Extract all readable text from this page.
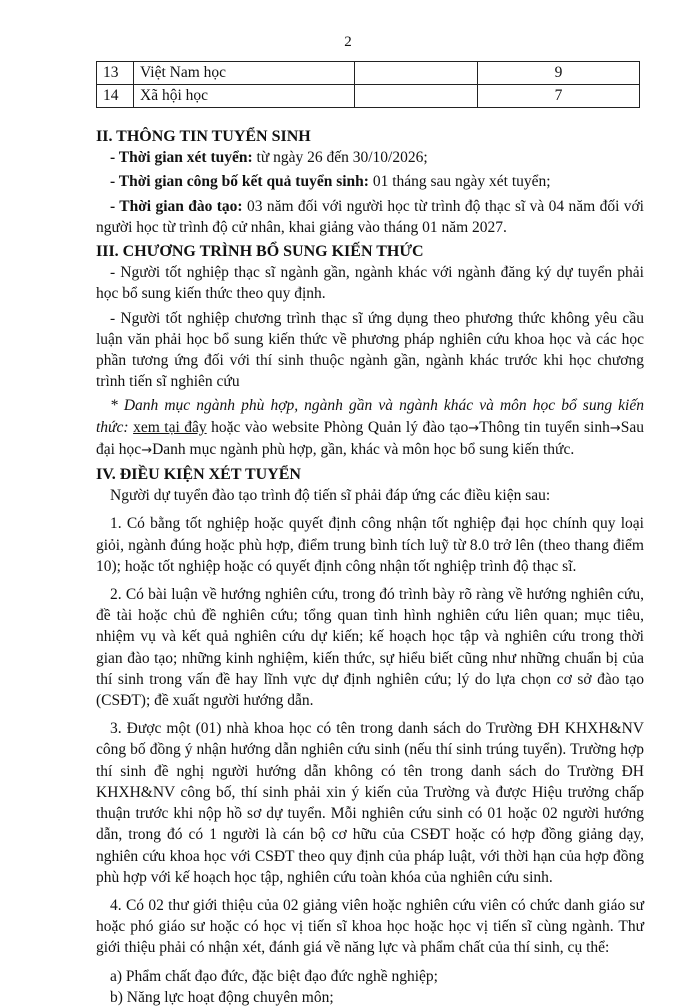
2
13	Việt Nam học		9
14	Xã hội học		7

II. THÔNG TIN TUYỂN SINH

- Thời gian xét tuyển: từ ngày 26 đến 30/10/2026;

- Thời gian công bố kết quả tuyển sinh: 01 tháng sau ngày xét tuyển;

- Thời gian đào tạo: 03 năm đối với người học từ trình độ thạc sĩ và 04 năm đối với người học từ trình độ cử nhân, khai giảng vào tháng 01 năm 2027.

III. CHƯƠNG TRÌNH BỔ SUNG KIẾN THỨC

- Người tốt nghiệp thạc sĩ ngành gần, ngành khác với ngành đăng ký dự tuyển phải học bổ sung kiến thức theo quy định.

- Người tốt nghiệp chương trình thạc sĩ ứng dụng theo phương thức không yêu cầu luận văn phải học bổ sung kiến thức về phương pháp nghiên cứu khoa học và các học phần tương ứng đối với thí sinh thuộc ngành gần, ngành khác trước khi học chương trình tiến sĩ nghiên cứu

* Danh mục ngành phù hợp, ngành gần và ngành khác và môn học bổ sung kiến thức: xem tại đây hoặc vào website Phòng Quản lý đào tạo→Thông tin tuyển sinh→Sau đại học→Danh mục ngành phù hợp, gần, khác và môn học bổ sung kiến thức.

IV. ĐIỀU KIỆN XÉT TUYỂN

Người dự tuyển đào tạo trình độ tiến sĩ phải đáp ứng các điều kiện sau:

1. Có bằng tốt nghiệp hoặc quyết định công nhận tốt nghiệp đại học chính quy loại giỏi, ngành đúng hoặc phù hợp, điểm trung bình tích luỹ từ 8.0 trở lên (theo thang điểm 10); hoặc tốt nghiệp hoặc có quyết định công nhận tốt nghiệp trình độ thạc sĩ.

2. Có bài luận về hướng nghiên cứu, trong đó trình bày rõ ràng về hướng nghiên cứu, đề tài hoặc chủ đề nghiên cứu; tổng quan tình hình nghiên cứu liên quan; mục tiêu, nhiệm vụ và kết quả nghiên cứu dự kiến; kế hoạch học tập và nghiên cứu trong thời gian đào tạo; những kinh nghiệm, kiến thức, sự hiểu biết cũng như những chuẩn bị của thí sinh trong vấn đề hay lĩnh vực dự định nghiên cứu; lý do lựa chọn cơ sở đào tạo (CSĐT); đề xuất người hướng dẫn.

3. Được một (01) nhà khoa học có tên trong danh sách do Trường ĐH KHXH&NV công bố đồng ý nhận hướng dẫn nghiên cứu sinh (nếu thí sinh trúng tuyển). Trường hợp thí sinh đề nghị người hướng dẫn không có tên trong danh sách do Trường ĐH KHXH&NV công bố, thí sinh phải xin ý kiến của Trường và được Hiệu trưởng chấp thuận trước khi nộp hồ sơ dự tuyển. Mỗi nghiên cứu sinh có 01 hoặc 02 người hướng dẫn, trong đó có 1 người là cán bộ cơ hữu của CSĐT hoặc có hợp đồng giảng dạy, nghiên cứu khoa học với CSĐT theo quy định của pháp luật, với thời hạn của hợp đồng phù hợp với kế hoạch học tập, nghiên cứu toàn khóa của nghiên cứu sinh.

4. Có 02 thư giới thiệu của 02 giảng viên hoặc nghiên cứu viên có chức danh giáo sư hoặc phó giáo sư hoặc có học vị tiến sĩ khoa học hoặc học vị tiến sĩ cùng ngành. Thư giới thiệu phải có nhận xét, đánh giá về năng lực và phẩm chất của thí sinh, cụ thể:

a) Phẩm chất đạo đức, đặc biệt đạo đức nghề nghiệp;

b) Năng lực hoạt động chuyên môn;
